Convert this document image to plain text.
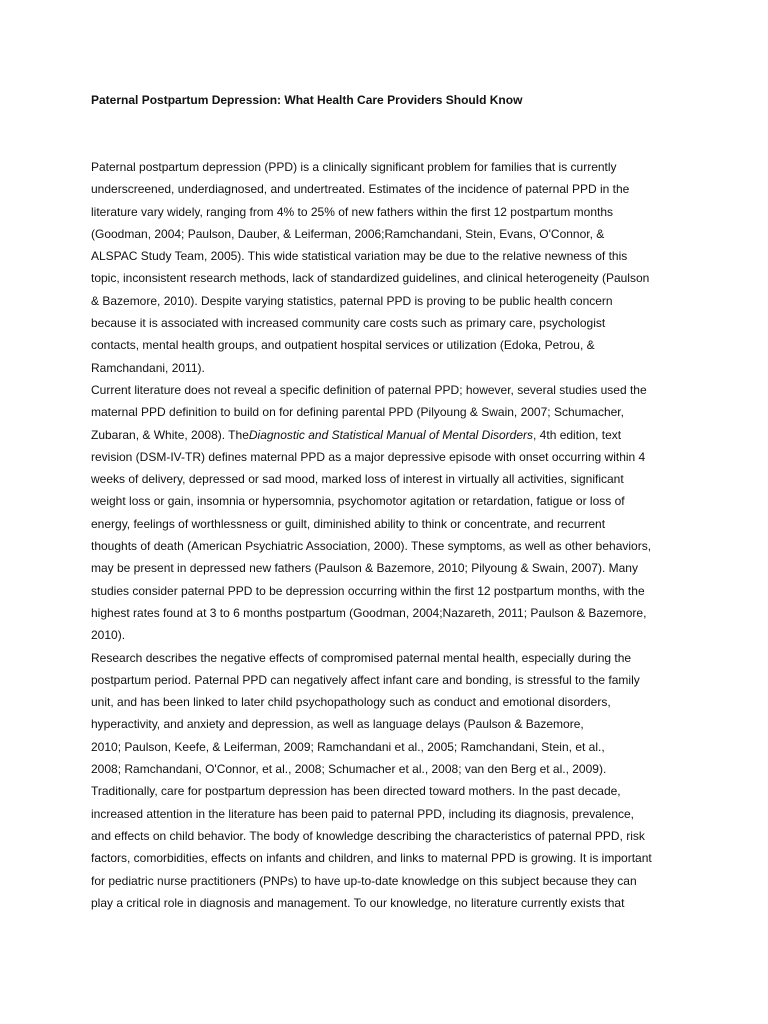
Paternal Postpartum Depression: What Health Care Providers Should Know
Paternal postpartum depression (PPD) is a clinically significant problem for families that is currently
underscreened, underdiagnosed, and undertreated. Estimates of the incidence of paternal PPD in the
literature vary widely, ranging from 4% to 25% of new fathers within the first 12 postpartum months
(Goodman, 2004; Paulson, Dauber, & Leiferman, 2006;Ramchandani, Stein, Evans, O'Connor, &
ALSPAC Study Team, 2005). This wide statistical variation may be due to the relative newness of this
topic, inconsistent research methods, lack of standardized guidelines, and clinical heterogeneity (Paulson
& Bazemore, 2010). Despite varying statistics, paternal PPD is proving to be public health concern
because it is associated with increased community care costs such as primary care, psychologist
contacts, mental health groups, and outpatient hospital services or utilization (Edoka, Petrou, &
Ramchandani, 2011).
Current literature does not reveal a specific definition of paternal PPD; however, several studies used the
maternal PPD definition to build on for defining parental PPD (Pilyoung & Swain, 2007; Schumacher,
Zubaran, & White, 2008). TheDiagnostic and Statistical Manual of Mental Disorders, 4th edition, text
revision (DSM-IV-TR) defines maternal PPD as a major depressive episode with onset occurring within 4
weeks of delivery, depressed or sad mood, marked loss of interest in virtually all activities, significant
weight loss or gain, insomnia or hypersomnia, psychomotor agitation or retardation, fatigue or loss of
energy, feelings of worthlessness or guilt, diminished ability to think or concentrate, and recurrent
thoughts of death (American Psychiatric Association, 2000). These symptoms, as well as other behaviors,
may be present in depressed new fathers (Paulson & Bazemore, 2010; Pilyoung & Swain, 2007). Many
studies consider paternal PPD to be depression occurring within the first 12 postpartum months, with the
highest rates found at 3 to 6 months postpartum (Goodman, 2004;Nazareth, 2011; Paulson & Bazemore,
2010).
Research describes the negative effects of compromised paternal mental health, especially during the
postpartum period. Paternal PPD can negatively affect infant care and bonding, is stressful to the family
unit, and has been linked to later child psychopathology such as conduct and emotional disorders,
hyperactivity, and anxiety and depression, as well as language delays (Paulson & Bazemore,
2010; Paulson, Keefe, & Leiferman, 2009; Ramchandani et al., 2005; Ramchandani, Stein, et al.,
2008; Ramchandani, O'Connor, et al., 2008; Schumacher et al., 2008; van den Berg et al., 2009).
Traditionally, care for postpartum depression has been directed toward mothers. In the past decade,
increased attention in the literature has been paid to paternal PPD, including its diagnosis, prevalence,
and effects on child behavior. The body of knowledge describing the characteristics of paternal PPD, risk
factors, comorbidities, effects on infants and children, and links to maternal PPD is growing. It is important
for pediatric nurse practitioners (PNPs) to have up-to-date knowledge on this subject because they can
play a critical role in diagnosis and management. To our knowledge, no literature currently exists that
